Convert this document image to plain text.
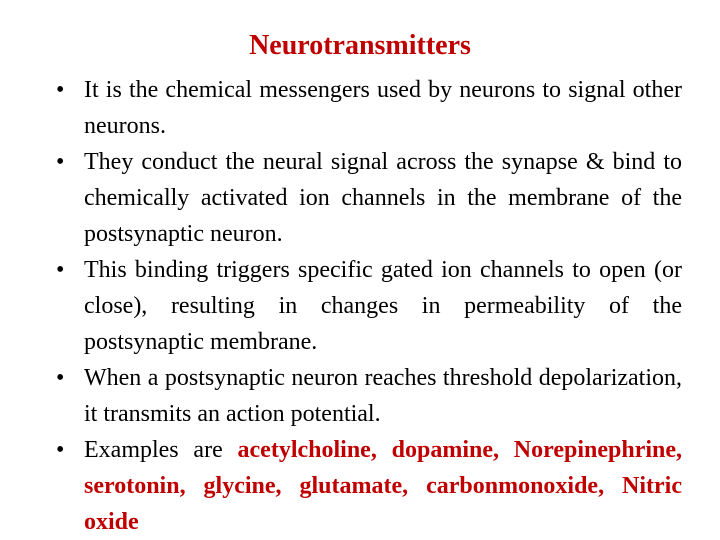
Neurotransmitters
• It is the chemical messengers used by neurons to signal other neurons.
• They conduct the neural signal across the synapse & bind to chemically activated ion channels in the membrane of the postsynaptic neuron.
• This binding triggers specific gated ion channels to open (or close), resulting in changes in permeability of the postsynaptic membrane.
• When a postsynaptic neuron reaches threshold depolarization, it transmits an action potential.
• Examples are acetylcholine, dopamine, Norepinephrine, serotonin, glycine, glutamate, carbonmonoxide, Nitric oxide
